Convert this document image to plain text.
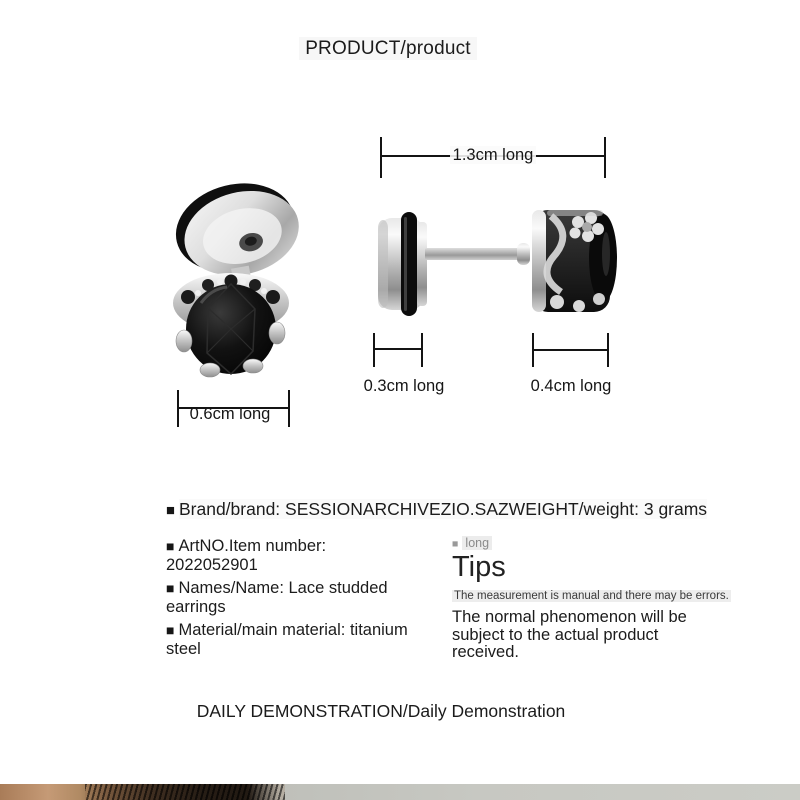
PRODUCT/product
1.3cm long
0.3cm long	0.4cm long
0.6cm long
■ Brand/brand: SESSIONARCHIVEZIO.SAZWEIGHT/weight: 3 grams
■ ArtNO.Item number: 2022052901
■ Names/Name: Lace studded earrings
■ Material/main material: titanium steel
■ long
Tips
The measurement is manual and there may be errors.
The normal phenomenon will be subject to the actual product received.
DAILY DEMONSTRATION/Daily Demonstration
